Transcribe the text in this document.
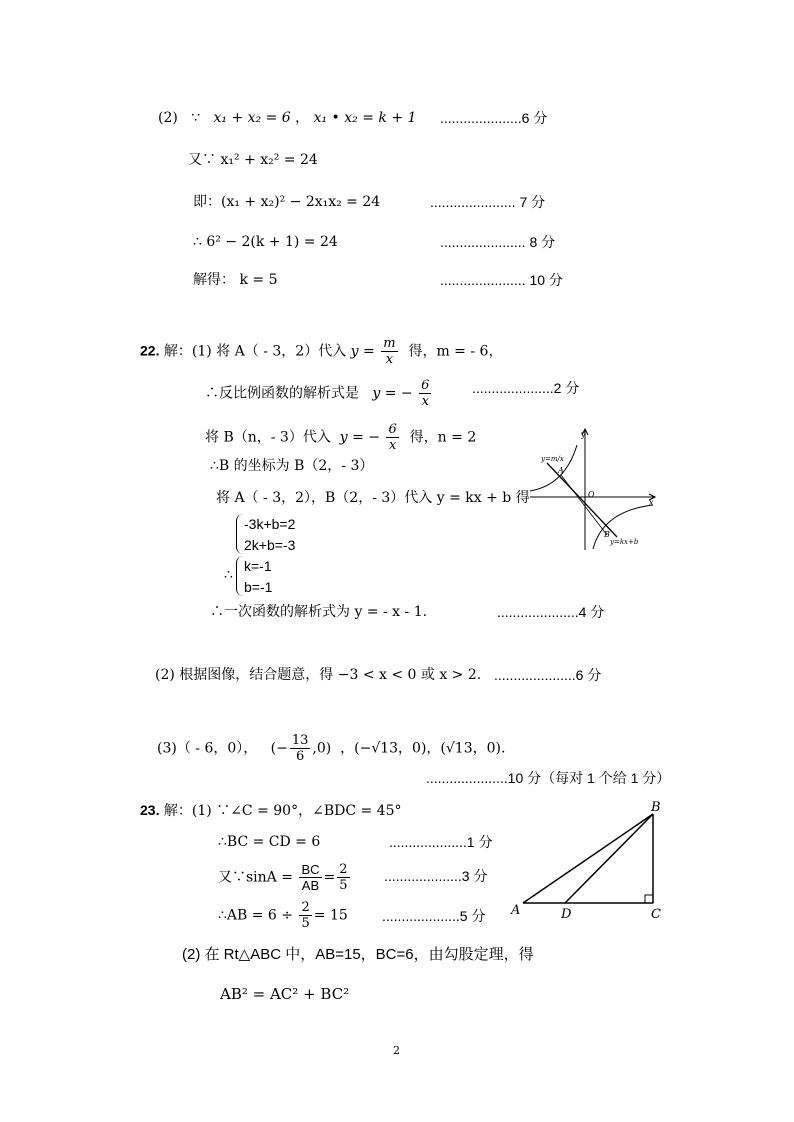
(2) ∵ x₁ + x₂ = 6 ， x₁ • x₂ = k + 1 .....................6 分
又∵ x₁² + x₂² = 24
即：(x₁ + x₂)² − 2x₁x₂ = 24	...................... 7 分
∴ 6² − 2(k + 1) = 24	...................... 8 分
解得： k = 5	...................... 10 分
22. 解：(1) 将 A（ - 3，2）代入 $y = \frac{m}{x}$ 得，m = - 6，
∴反比例函数的解析式是 y = − $\frac{6}{x}$	.....................2 分
将 B（n，- 3）代入 y = − $\frac{6}{x}$ 得，n = 2
∴B 的坐标为 B（2，- 3）
将 A（ - 3，2），B（2，- 3）代入 y = kx + b 得
-3k+b=2
2k+b=-3
∴
k=-1
b=-1
∴一次函数的解析式为 y = - x - 1.	.....................4 分
y
x
O
A
B
y=m/x
y=kx+b
(2) 根据图像，结合题意，得 −3 < x < 0 或 x > 2. .....................6 分
(3)（ - 6，0）， (− $\frac{13}{6} ,0$) ，(−√13，0)，(√13，0).
.....................10 分（每对 1 个给 1 分）
23. 解：(1) ∵∠C = 90°，∠BDC = 45°
∴BC = CD = 6	....................1 分
又∵sinA = $\frac{BC}{AB} = \frac{2}{5} ....................3$ 分
∴AB = $6 \div \frac{2}{5} = 15$ ....................5 分
B
A	D	C
(2) 在 Rt△ABC 中，AB=15，BC=6，由勾股定理，得
AB² = AC² + BC²
2
